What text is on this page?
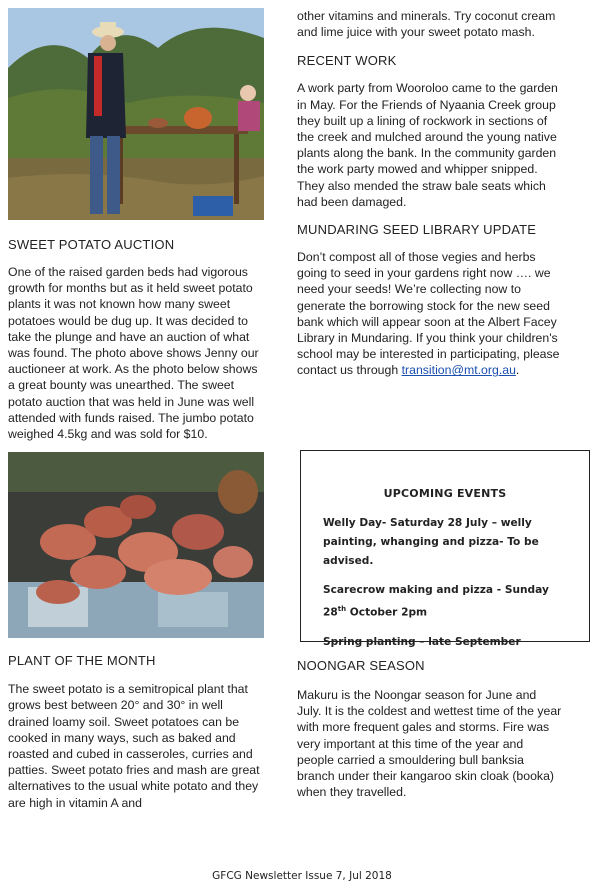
SWEET POTATO AUCTION

One of the raised garden beds had vigorous growth for months but as it held sweet potato plants it was not known how many sweet potatoes would be dug up. It was decided to take the plunge and have an auction of what was found. The photo above shows Jenny our auctioneer at work. As the photo below shows a great bounty was unearthed. The sweet potato auction that was held in June was well attended with funds raised. The jumbo potato weighed 4.5kg and was sold for $10.

PLANT OF THE MONTH

The sweet potato is a semitropical plant that grows best between 20° and 30° in well drained loamy soil. Sweet potatoes can be cooked in many ways, such as baked and roasted and cubed in casseroles, curries and patties. Sweet potato fries and mash are great alternatives to the usual white potato and they are high in vitamin A and

other vitamins and minerals. Try coconut cream and lime juice with your sweet potato mash.

RECENT WORK

A work party from Wooroloo came to the garden in May. For the Friends of Nyaania Creek group they built up a lining of rockwork in sections of the creek and mulched around the young native plants along the bank. In the community garden the work party mowed and whipper snipped. They also mended the straw bale seats which had been damaged.

MUNDARING SEED LIBRARY UPDATE

Don’t compost all of those vegies and herbs going to seed in your gardens right now …. we need your seeds! We’re collecting now to generate the borrowing stock for the new seed bank which will appear soon at the Albert Facey Library in Mundaring. If you think your children's school may be interested in participating, please contact us through transition@mt.org.au.

UPCOMING EVENTS
Welly Day- Saturday 28 July – welly painting, whanging and pizza- To be advised.
Scarecrow making and pizza - Sunday 28th October 2pm
Spring planting – late September
NOONGAR SEASON

Makuru is the Noongar season for June and July. It is the coldest and wettest time of the year with more frequent gales and storms. Fire was very important at this time of the year and people carried a smouldering bull banksia branch under their kangaroo skin cloak (booka) when they travelled.

GFCG Newsletter Issue 7, Jul 2018
